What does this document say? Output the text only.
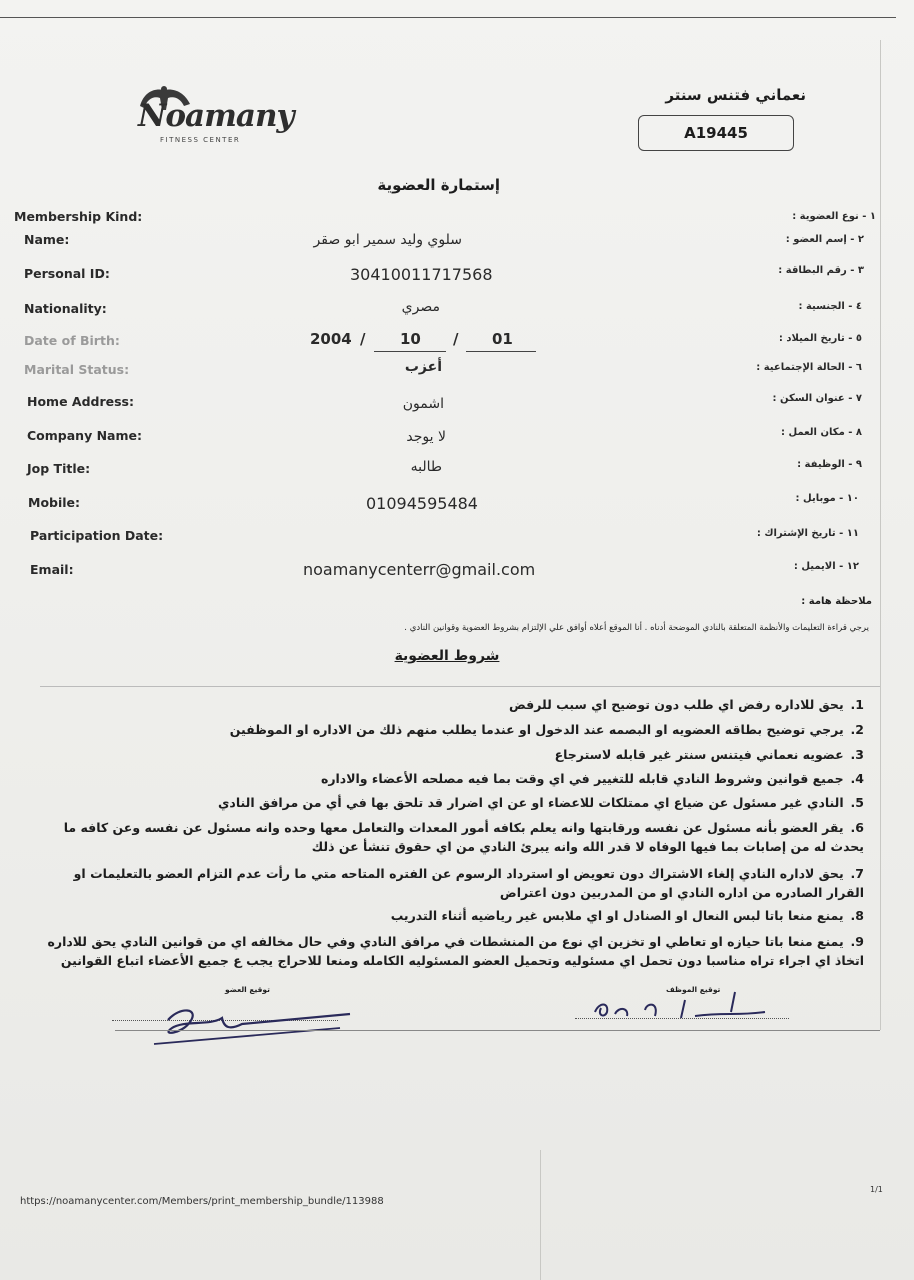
Noamany
FITNESS CENTER
نعماني فتنس سنتر
A19445
إستمارة العضوية
Membership Kind:
Name:
Personal ID:
Nationality:
Date of Birth:
Marital Status:
Home Address:
Company Name:
Jop Title:
Mobile:
Participation Date:
Email:
١ - نوع العضوية :
٢ - إسم العضو :
٣ - رقم البطاقة :
٤ - الجنسية :
٥ - تاريخ الميلاد :
٦ - الحالة الإجتماعية :
٧ - عنوان السكن :
٨ - مكان العمل :
٩ - الوظيفة :
١٠ - موبايل :
١١ - تاريخ الإشتراك :
١٢ - الايميل :
سلوي وليد سمير ابو صقر
30410011717568
مصري
2004 / 10 / 01
أعزب
اشمون
لا يوجد
طالبه
01094595484
noamanycenterr@gmail.com
ملاحظة هامة :
يرجي قراءة التعليمات والأنظمة المتعلقة بالنادي الموضحة أدناه . أنا الموقع أعلاه أوافق علي الإلتزام بشروط العضوية وقوانين النادي .
شروط العضوية
1. يحق للاداره رفض اي طلب دون توضيح اي سبب للرفض
2. يرجي توضيح بطاقه العضويه او البصمه عند الدخول او عندما يطلب منهم ذلك من الاداره او الموظفين
3. عضويه نعماني فيتنس سنتر غير قابله لاسترجاع
4. جميع قوانين وشروط النادي قابله للتغيير في اي وقت بما فيه مصلحه الأعضاء والاداره
5. النادي غير مسئول عن ضياع اي ممتلكات للاعضاء او عن اي اضرار قد تلحق بها في أي من مرافق النادي
6. يقر العضو بأنه مسئول عن نفسه ورقابتها وانه يعلم بكافه أمور المعدات والتعامل معها وحده وانه مسئول عن نفسه وعن كافه ما يحدث له من إصابات بما فيها الوفاه لا قدر الله وانه يبرئ النادي من اي حقوق تنشأ عن ذلك
7. يحق لاداره النادي إلغاء الاشتراك دون تعويض او استرداد الرسوم عن الفتره المتاحه متي ما رأت عدم التزام العضو بالتعليمات او القرار الصادره من اداره النادي او من المدربين دون اعتراض
8. يمنع منعا باتا لبس النعال او الصنادل او اي ملابس غير رياضيه أثناء التدريب
9. يمنع منعا باتا حيازه او تعاطي او تخزين اي نوع من المنشطات في مرافق النادي وفي حال مخالفه اي من قوانين النادي يحق للاداره اتخاذ اي اجراء تراه مناسبا دون تحمل اي مسئوليه وتحميل العضو المسئوليه الكامله ومنعا للاحراج يجب ع جميع الأعضاء اتباع القوانين
توقيع العضو	توقيع الموظف
https://noamanycenter.com/Members/print_membership_bundle/113988
1/1
